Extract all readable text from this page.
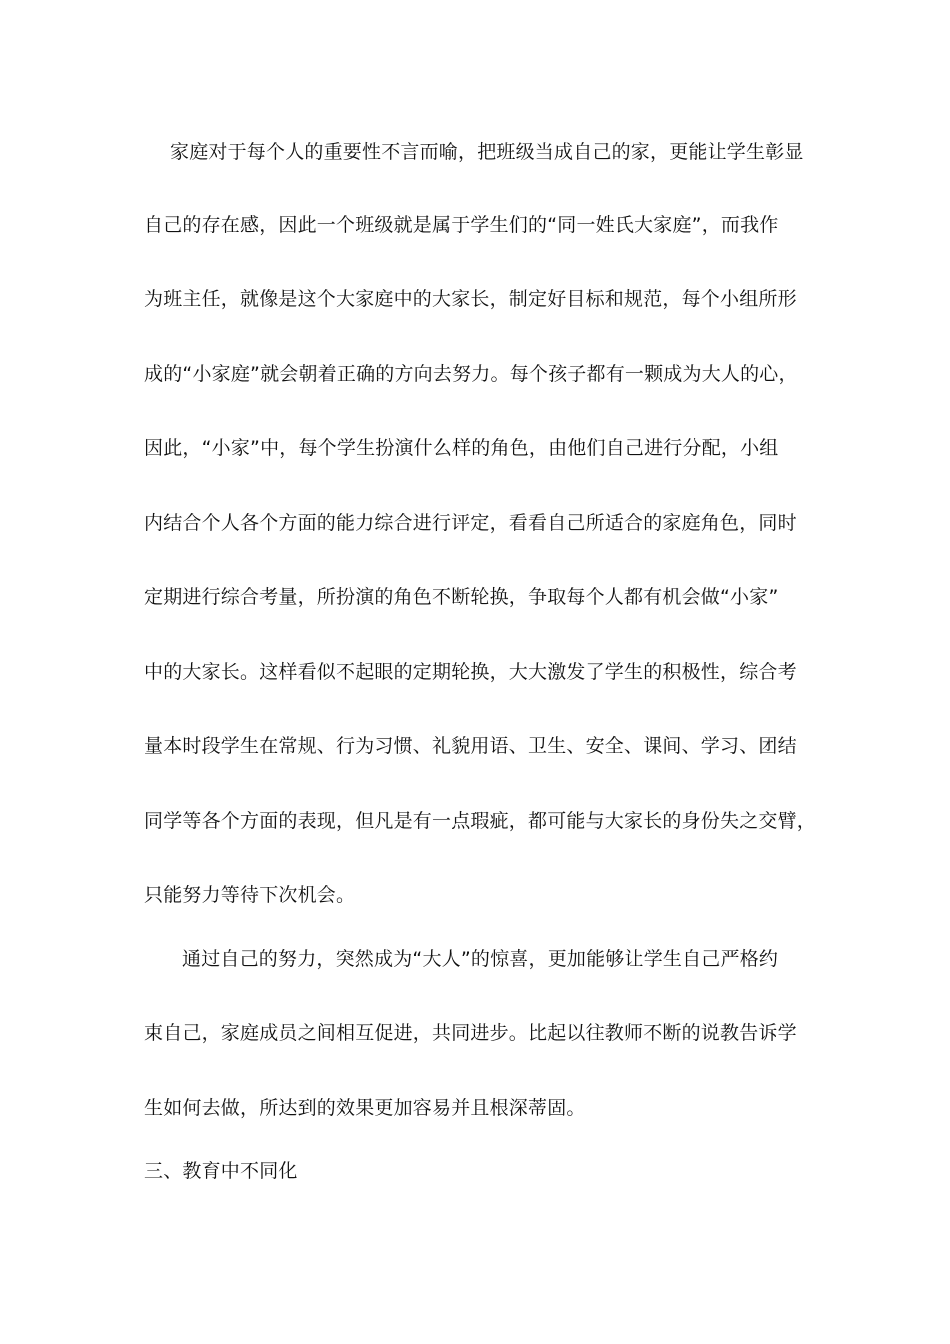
家庭对于每个人的重要性不言而喻，把班级当成自己的家，更能让学生彰显
自己的存在感，因此一个班级就是属于学生们的“同一姓氏大家庭”，而我作
为班主任，就像是这个大家庭中的大家长，制定好目标和规范，每个小组所形
成的“小家庭”就会朝着正确的方向去努力。每个孩子都有一颗成为大人的心，
因此，“小家”中，每个学生扮演什么样的角色，由他们自己进行分配，小组
内结合个人各个方面的能力综合进行评定，看看自己所适合的家庭角色，同时
定期进行综合考量，所扮演的角色不断轮换，争取每个人都有机会做“小家”
中的大家长。这样看似不起眼的定期轮换，大大激发了学生的积极性，综合考
量本时段学生在常规、行为习惯、礼貌用语、卫生、安全、课间、学习、团结
同学等各个方面的表现，但凡是有一点瑕疵，都可能与大家长的身份失之交臂，
只能努力等待下次机会。
通过自己的努力，突然成为“大人”的惊喜，更加能够让学生自己严格约
束自己，家庭成员之间相互促进，共同进步。比起以往教师不断的说教告诉学
生如何去做，所达到的效果更加容易并且根深蒂固。
三、教育中不同化
